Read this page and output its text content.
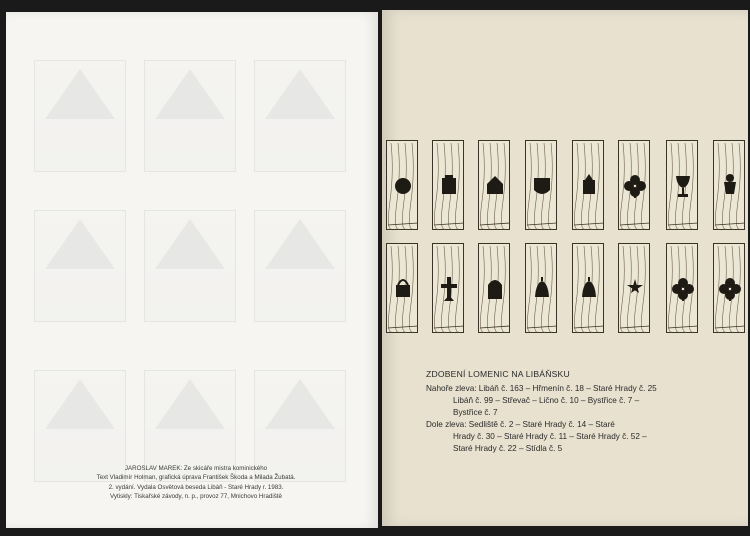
JAROSLAV MAREK: Ze skicáře mistra kominického
Text Vladimír Holman, grafická úprava František Škoda a Milada Žubatá.
2. vydání. Vydala Osvětová beseda Libáň - Staré Hrady r. 1983.
Vytiskly: Tiskařské závody, n. p., provoz 77, Mnichovo Hradiště
ZDOBENÍ LOMENIC NA LIBÁŇSKU
Nahoře zleva: Libáň č. 163 – Hřmenín č. 18 – Staré Hrady č. 25
Libáň č. 99 – Střevač – Lično č. 10 – Bystřice č. 7 –
Bystřice č. 7
Dole zleva: Sedliště č. 2 – Staré Hrady č. 14 – Staré
Hrady č. 30 – Staré Hrady č. 11 – Staré Hrady č. 52 –
Staré Hrady č. 22 – Stídla č. 5
